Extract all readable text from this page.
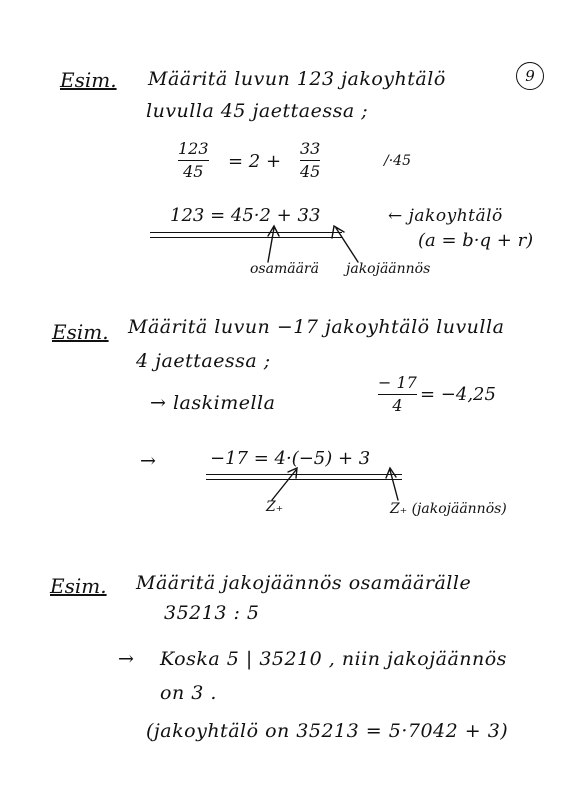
9
Esim. Määritä luvun 123 jakoyhtälö
luvulla 45 jaettaessa ;
123
45 = 2 +
33
45
/·45
123 = 45·2 + 33	← jakoyhtälö
(a = b·q + r)
osamäärä jakojäännös
Esim. Määritä luvun −17 jakoyhtälö luvulla
4 jaettaessa ;
→ laskimella
− 17
4
= −4,25
→	−17 = 4·(−5) + 3
Z₊	Z₊ (jakojäännös)
Esim. Määritä jakojäännös osamäärälle
35213 : 5
→ Koska 5 | 35210 , niin jakojäännös
on 3 .
(jakoyhtälö on 35213 = 5·7042 + 3)
